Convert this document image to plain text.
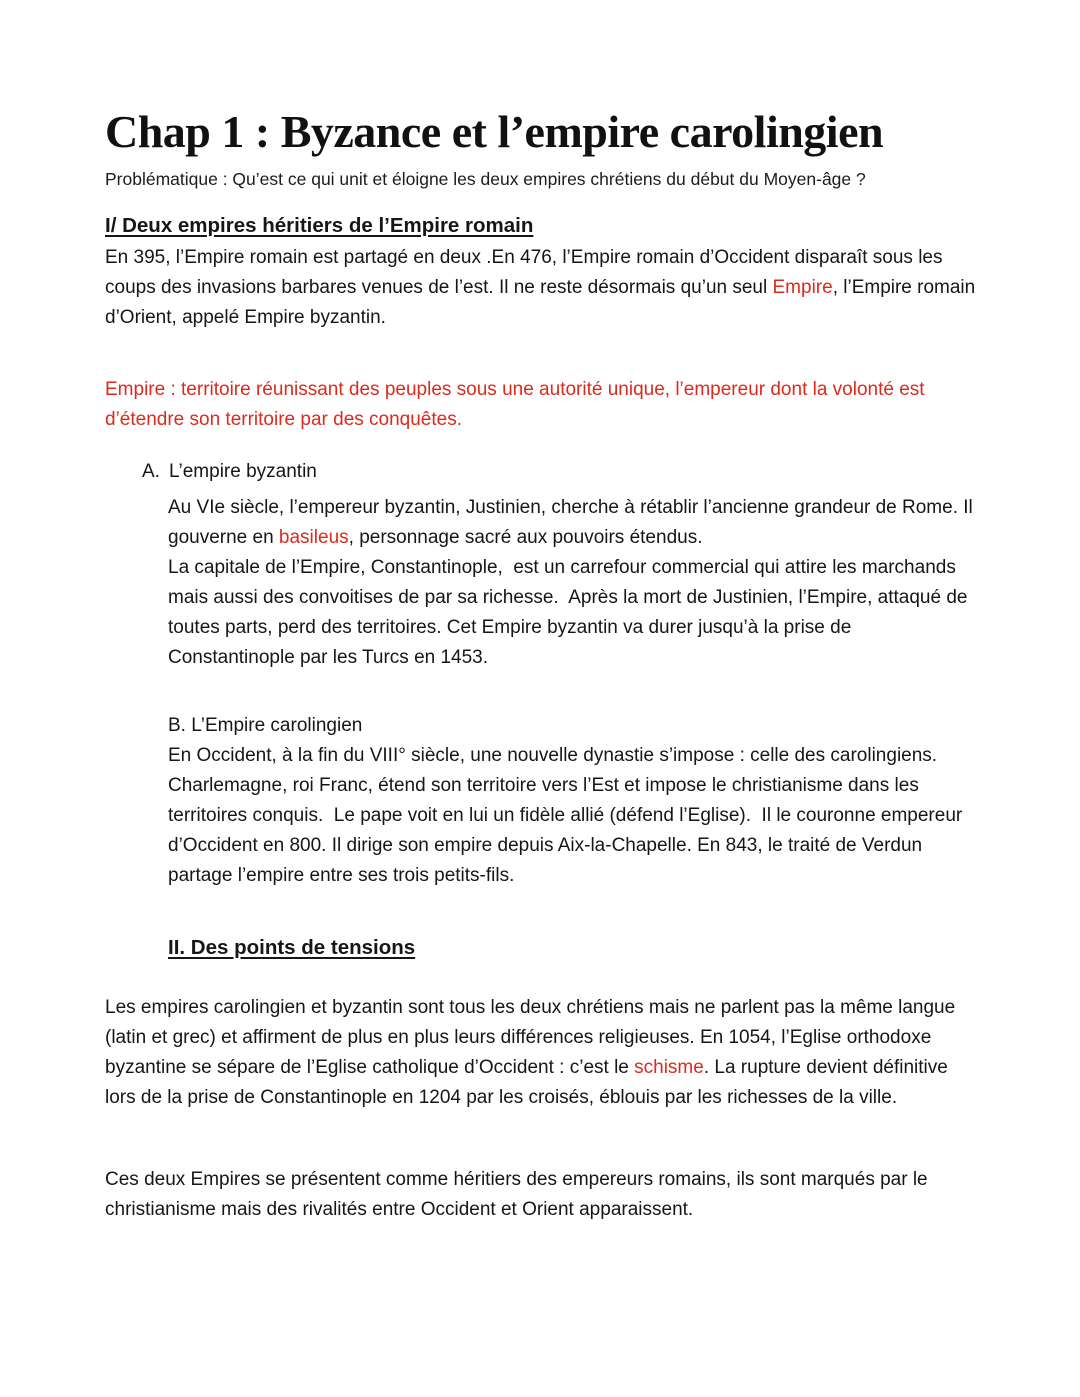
Chap 1 : Byzance et l’empire carolingien
Problématique : Qu’est ce qui unit et éloigne les deux empires chrétiens du début du Moyen-âge ?
I/ Deux empires héritiers de l’Empire romain

En 395, l’Empire romain est partagé en deux .En 476, l’Empire romain d’Occident disparaît sous les coups des invasions barbares venues de l’est. Il ne reste désormais qu’un seul Empire, l’Empire romain d’Orient, appelé Empire byzantin.

Empire : territoire réunissant des peuples sous une autorité unique, l’empereur dont la volonté est d’étendre son territoire par des conquêtes.

A. L’empire byzantin

Au VIe siècle, l’empereur byzantin, Justinien, cherche à rétablir l’ancienne grandeur de Rome. Il gouverne en basileus, personnage sacré aux pouvoirs étendus.

La capitale de l’Empire, Constantinople,  est un carrefour commercial qui attire les marchands mais aussi des convoitises de par sa richesse.  Après la mort de Justinien, l’Empire, attaqué de toutes parts, perd des territoires. Cet Empire byzantin va durer jusqu’à la prise de Constantinople par les Turcs en 1453.

B. L’Empire carolingien

En Occident, à la fin du VIII° siècle, une nouvelle dynastie s’impose : celle des carolingiens. Charlemagne, roi Franc, étend son territoire vers l’Est et impose le christianisme dans les territoires conquis.  Le pape voit en lui un fidèle allié (défend l’Eglise).  Il le couronne empereur d’Occident en 800. Il dirige son empire depuis Aix-la-Chapelle. En 843, le traité de Verdun partage l’empire entre ses trois petits-fils.

II. Des points de tensions

Les empires carolingien et byzantin sont tous les deux chrétiens mais ne parlent pas la même langue (latin et grec) et affirment de plus en plus leurs différences religieuses. En 1054, l’Eglise orthodoxe byzantine se sépare de l’Eglise catholique d’Occident : c’est le schisme. La rupture devient définitive lors de la prise de Constantinople en 1204 par les croisés, éblouis par les richesses de la ville.

Ces deux Empires se présentent comme héritiers des empereurs romains, ils sont marqués par le christianisme mais des rivalités entre Occident et Orient apparaissent.
